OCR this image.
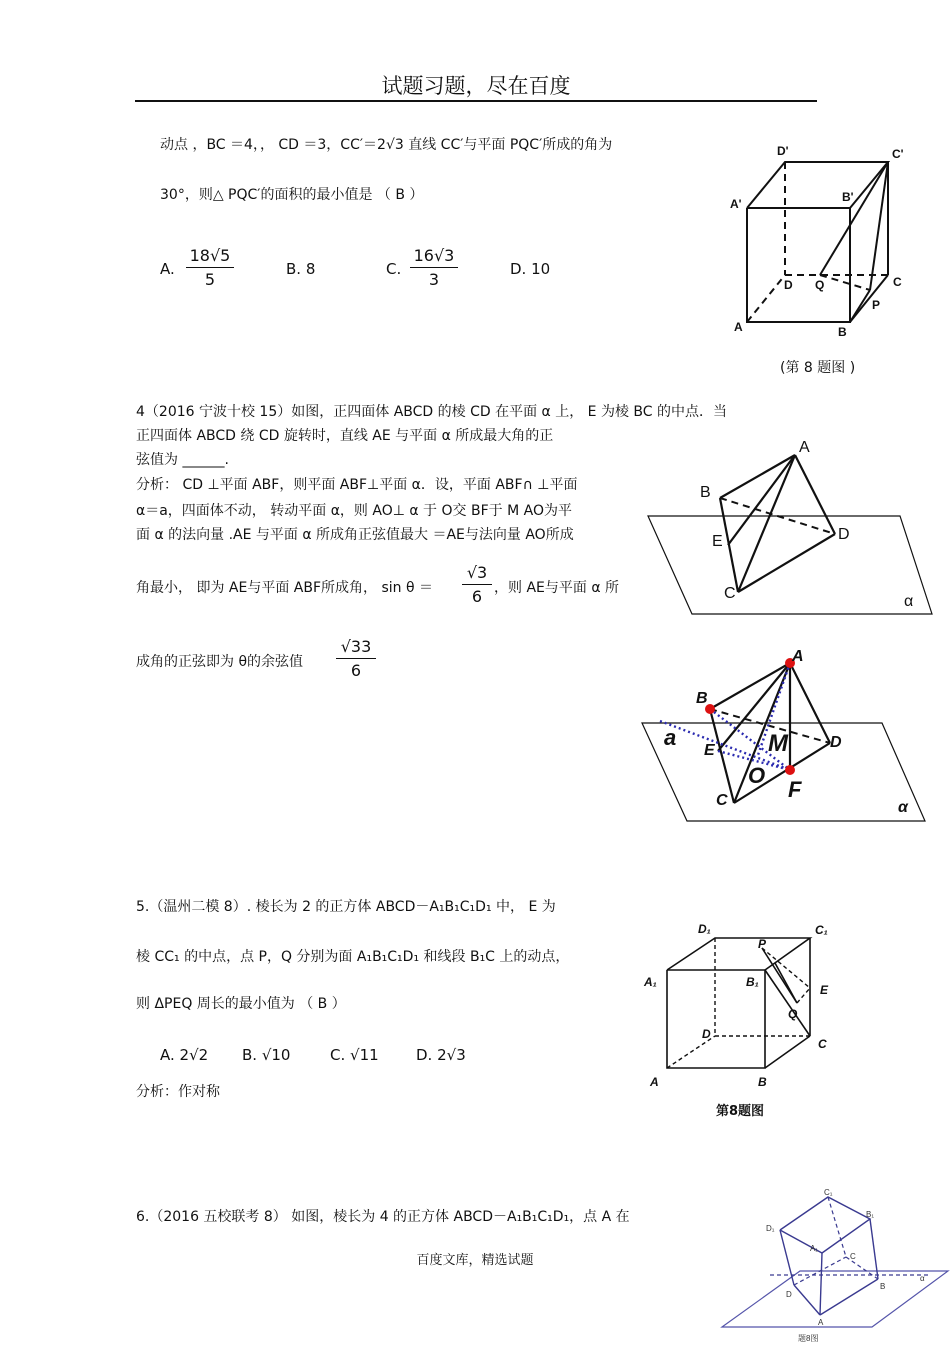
试题习题，尽在百度
动点 ，BC ＝4，， CD ＝3，CC′＝2√3 直线 CC′与平面 PQC′所成的角为
30°，则△ PQC′的面积的最小值是 （ B ）
A. $\frac{18√5}{5}$	B. 8	C. $\frac{16√3}{3}$	D. 10
D'	C'
A'	B'
D Q	C
P
A	B
(第 8 题图 )
4（2016 宁波十校 15）如图，正四面体 ABCD 的棱 CD 在平面 α 上， E 为棱 BC 的中点．当
正四面体 ABCD 绕 CD 旋转时，直线 AE 与平面 α 所成最大角的正
弦值为 ______.
分析： CD ⊥平面 ABF，则平面 ABF⊥平面 α．设，平面 ABF∩ ⊥平面
α＝a，四面体不动， 转动平面 α，则 AO⊥ α 于 O交 BF于 M AO为平
面 α 的法向量 .AE 与平面 α 所成角正弦值最大 ＝AE与法向量 AO所成
角最小， 即为 AE与平面 ABF所成角， $\sin \theta = \frac{√3}{6}$ ，则 AE与平面 α 所
成角的正弦即为 θ的余弦值 $\frac{√33}{6}$
A
B
E	D
C	α
A
B
a
E M	D
O
C	F
α
5.（温州二模 8）. 棱长为 2 的正方体 ABCD－A₁B₁C₁D₁ 中， E 为
棱 CC₁ 的中点，点 P，Q 分别为面 A₁B₁C₁D₁ 和线段 B₁C 上的动点，
则 ΔPEQ 周长的最小值为 （ B ）
A. 2√2 B. √10	C. √11 D. 2√3
分析：作对称
D₁	C₁
A₁	B₁
P
E
Q
D
C
A	B
第8题图
6.（2016 五校联考 8） 如图，棱长为 4 的正方体 ABCD－A₁B₁C₁D₁，点 A 在
C₁
D₁
B₁
A₁
C
D
B
A
α
题8图
百度文库，精选试题
